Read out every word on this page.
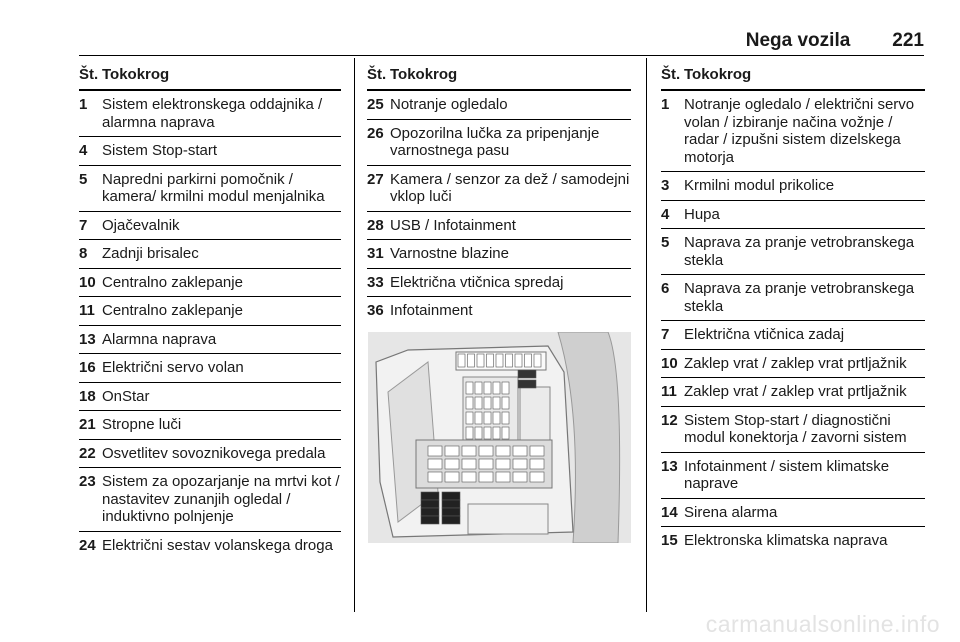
Nega vozila 221
Št. Tokokrog
1 Sistem elektronskega oddajnika / alarmna naprava
4 Sistem Stop-start
5 Napredni parkirni pomočnik / kamera/ krmilni modul menjalnika
7 Ojačevalnik
8 Zadnji brisalec
10 Centralno zaklepanje
11 Centralno zaklepanje
13 Alarmna naprava
16 Električni servo volan
18 OnStar
21 Stropne luči
22 Osvetlitev sovoznikovega predala
23 Sistem za opozarjanje na mrtvi kot / nastavitev zunanjih ogledal / induktivno polnjenje
24 Električni sestav volanskega droga
Št. Tokokrog
25 Notranje ogledalo
26 Opozorilna lučka za pripenjanje varnostnega pasu
27 Kamera / senzor za dež / samodejni vklop luči
28 USB / Infotainment
31 Varnostne blazine
33 Električna vtičnica spredaj
36 Infotainment
Št. Tokokrog
1 Notranje ogledalo / električni servo volan / izbiranje načina vožnje / radar / izpušni sistem dizelskega motorja
3 Krmilni modul prikolice
4 Hupa
5 Naprava za pranje vetrobranskega stekla
6 Naprava za pranje vetrobranskega stekla
7 Električna vtičnica zadaj
10 Zaklep vrat / zaklep vrat prtljažnik
11 Zaklep vrat / zaklep vrat prtljažnik
12 Sistem Stop-start / diagnostični modul konektorja / zavorni sistem
13 Infotainment / sistem klimatske naprave
14 Sirena alarma
15 Elektronska klimatska naprava
carmanualsonline.info
